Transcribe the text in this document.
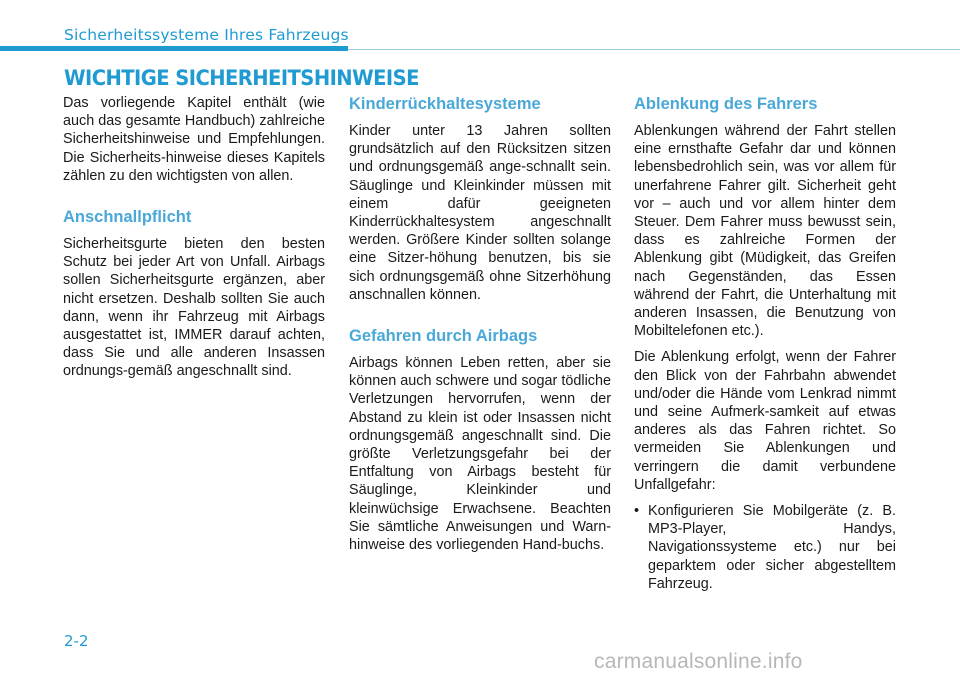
Sicherheitssysteme Ihres Fahrzeugs
WICHTIGE SICHERHEITSHINWEISE

Das vorliegende Kapitel enthält (wie auch das gesamte Handbuch) zahlreiche Sicherheitshinweise und Empfehlungen. Die Sicherheits-hinweise dieses Kapitels zählen zu den wichtigsten von allen.

Anschnallpflicht

Sicherheitsgurte bieten den besten Schutz bei jeder Art von Unfall. Airbags sollen Sicherheitsgurte ergänzen, aber nicht ersetzen. Deshalb sollten Sie auch dann, wenn ihr Fahrzeug mit Airbags ausgestattet ist, IMMER darauf achten, dass Sie und alle anderen Insassen ordnungs-gemäß angeschnallt sind.

Kinderrückhaltesysteme

Kinder unter 13 Jahren sollten grundsätzlich auf den Rücksitzen sitzen und ordnungsgemäß ange-schnallt sein. Säuglinge und Kleinkinder müssen mit einem dafür geeigneten Kinderrückhaltesystem angeschnallt werden. Größere Kinder sollten solange eine Sitzer-höhung benutzen, bis sie sich ordnungsgemäß ohne Sitzerhöhung anschnallen können.

Gefahren durch Airbags

Airbags können Leben retten, aber sie können auch schwere und sogar tödliche Verletzungen hervorrufen, wenn der Abstand zu klein ist oder Insassen nicht ordnungsgemäß angeschnallt sind. Die größte Verletzungsgefahr bei der Entfaltung von Airbags besteht für Säuglinge, Kleinkinder und kleinwüchsige Erwachsene. Beachten Sie sämtliche Anweisungen und Warn-hinweise des vorliegenden Hand-buchs.

Ablenkung des Fahrers

Ablenkungen während der Fahrt stellen eine ernsthafte Gefahr dar und können lebensbedrohlich sein, was vor allem für unerfahrene Fahrer gilt. Sicherheit geht vor – auch und vor allem hinter dem Steuer. Dem Fahrer muss bewusst sein, dass es zahlreiche Formen der Ablenkung gibt (Müdigkeit, das Greifen nach Gegenständen, das Essen während der Fahrt, die Unterhaltung mit anderen Insassen, die Benutzung von Mobiltelefonen etc.).

Die Ablenkung erfolgt, wenn der Fahrer den Blick von der Fahrbahn abwendet und/oder die Hände vom Lenkrad nimmt und seine Aufmerk-samkeit auf etwas anderes als das Fahren richtet. So vermeiden Sie Ablenkungen und verringern die damit verbundene Unfallgefahr:

• Konfigurieren Sie Mobilgeräte (z. B. MP3-Player, Handys, Navigationssysteme etc.) nur bei geparktem oder sicher abgestelltem Fahrzeug.
2-2
carmanualsonline.info
